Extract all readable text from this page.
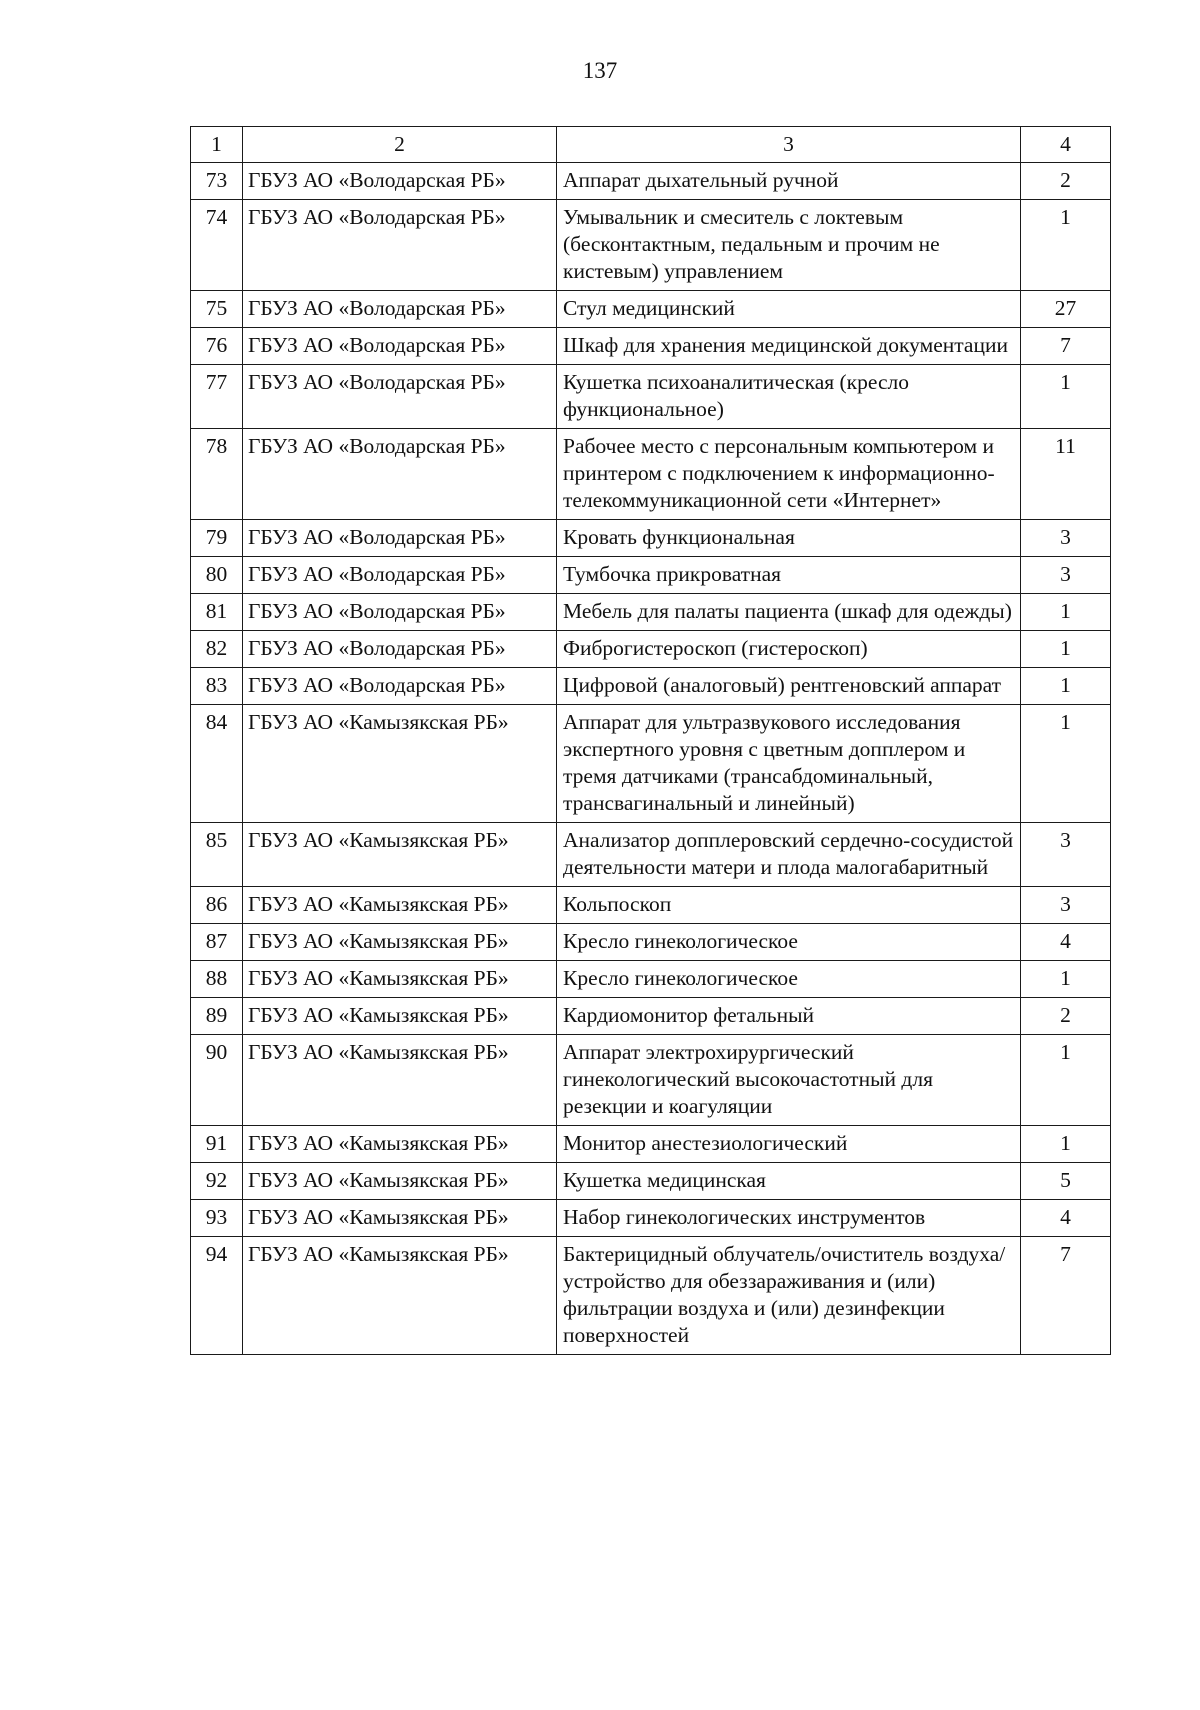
137
1	2	3	4
73	ГБУЗ АО «Володарская РБ»	Аппарат дыхательный ручной	2
74	ГБУЗ АО «Володарская РБ»	Умывальник и смеситель с локтевым (бесконтактным, педальным и прочим не кистевым) управлением	1
75	ГБУЗ АО «Володарская РБ»	Стул медицинский	27
76	ГБУЗ АО «Володарская РБ»	Шкаф для хранения медицинской документации	7
77	ГБУЗ АО «Володарская РБ»	Кушетка психоаналитическая (кресло функциональное)	1
78	ГБУЗ АО «Володарская РБ»	Рабочее место с персональным компьютером и принтером с подключением к информационно-телекоммуникационной сети «Интернет»	11
79	ГБУЗ АО «Володарская РБ»	Кровать функциональная	3
80	ГБУЗ АО «Володарская РБ»	Тумбочка прикроватная	3
81	ГБУЗ АО «Володарская РБ»	Мебель для палаты пациента (шкаф для одежды)	1
82	ГБУЗ АО «Володарская РБ»	Фиброгистероскоп (гистероскоп)	1
83	ГБУЗ АО «Володарская РБ»	Цифровой (аналоговый) рентгеновский аппарат	1
84	ГБУЗ АО «Камызякская РБ»	Аппарат для ультразвукового исследования экспертного уровня с цветным допплером и тремя датчиками (трансабдоминальный, трансвагинальный и линейный)	1
85	ГБУЗ АО «Камызякская РБ»	Анализатор допплеровский сердечно-сосудистой деятельности матери и плода малогабаритный	3
86	ГБУЗ АО «Камызякская РБ»	Кольпоскоп	3
87	ГБУЗ АО «Камызякская РБ»	Кресло гинекологическое	4
88	ГБУЗ АО «Камызякская РБ»	Кресло гинекологическое	1
89	ГБУЗ АО «Камызякская РБ»	Кардиомонитор фетальный	2
90	ГБУЗ АО «Камызякская РБ»	Аппарат электрохирургический гинекологический высокочастотный для резекции и коагуляции	1
91	ГБУЗ АО «Камызякская РБ»	Монитор анестезиологический	1
92	ГБУЗ АО «Камызякская РБ»	Кушетка медицинская	5
93	ГБУЗ АО «Камызякская РБ»	Набор гинекологических инструментов	4
94	ГБУЗ АО «Камызякская РБ»	Бактерицидный облучатель/очиститель воздуха/устройство для обеззараживания и (или) фильтрации воздуха и (или) дезинфекции поверхностей	7
